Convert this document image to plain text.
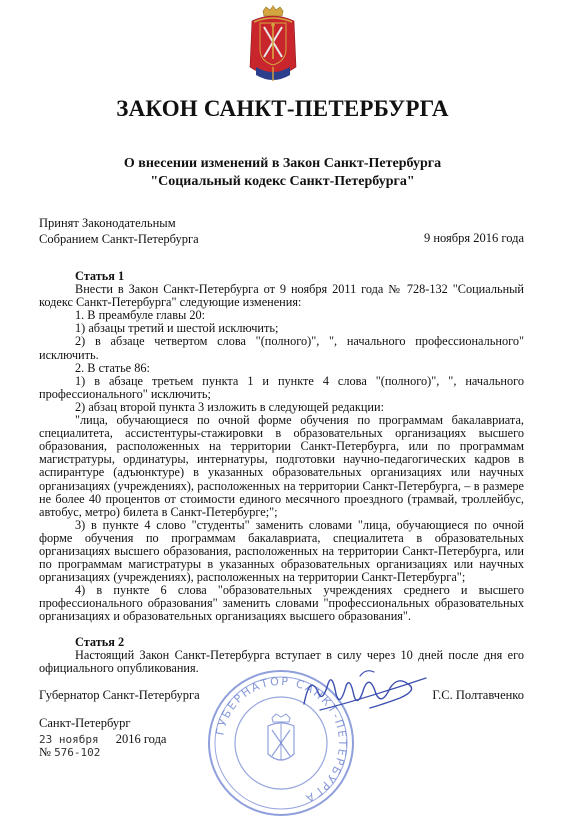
ЗАКОН САНКТ-ПЕТЕРБУРГА
О внесении изменений в Закон Санкт-Петербурга
"Социальный кодекс Санкт-Петербурга"
Принят Законодательным
Собранием Санкт-Петербурга	9 ноября 2016 года

Статья 1

Внести в Закон Санкт-Петербурга от 9 ноября 2011 года № 728-132 "Социальный кодекс Санкт-Петербурга" следующие изменения:

1. В преамбуле главы 20:

1) абзацы третий и шестой исключить;

2) в абзаце четвертом слова "(полного)", ", начального профессионального" исключить.

2. В статье 86:

1) в абзаце третьем пункта 1 и пункте 4 слова "(полного)", ", начального профессионального" исключить;

2) абзац второй пункта 3 изложить в следующей редакции:

"лица, обучающиеся по очной форме обучения по программам бакалавриата, специалитета, ассистентуры-стажировки в образовательных организациях высшего образования, расположенных на территории Санкт-Петербурга, или по программам магистратуры, ординатуры, интернатуры, подготовки научно-педагогических кадров в аспирантуре (адъюнктуре) в указанных образовательных организациях или научных организациях (учреждениях), расположенных на территории Санкт-Петербурга, – в размере не более 40 процентов от стоимости единого месячного проездного (трамвай, троллейбус, автобус, метро) билета в Санкт-Петербурге;";

3) в пункте 4 слово "студенты" заменить словами "лица, обучающиеся по очной форме обучения по программам бакалавриата, специалитета в образовательных организациях высшего образования, расположенных на территории Санкт-Петербурга, или по программам магистратуры в указанных образовательных организациях или научных организациях (учреждениях), расположенных на территории Санкт-Петербурга";

4) в пункте 6 слова "образовательных учреждениях среднего и высшего профессионального образования" заменить словами "профессиональных образовательных организациях и образовательных организациях высшего образования".

Статья 2

Настоящий Закон Санкт-Петербурга вступает в силу через 10 дней после дня его официального опубликования.

Губернатор Санкт-Петербурга	Г.С. Полтавченко
Санкт-Петербург
23 ноября 2016 года
№ 576-102
ГУБЕРНАТОР САНКТ-ПЕТЕРБУРГА
